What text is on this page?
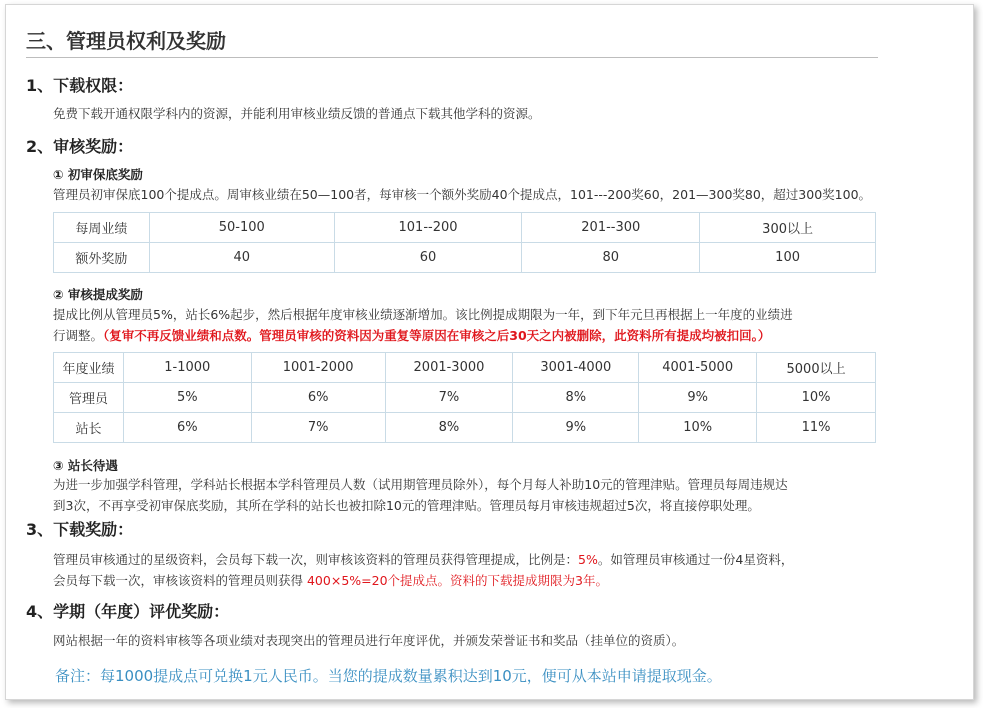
三、管理员权利及奖励
1、下载权限：
免费下载开通权限学科内的资源，并能利用审核业绩反馈的普通点下载其他学科的资源。
2、审核奖励：
① 初审保底奖励
管理员初审保底100个提成点。周审核业绩在50—100者，每审核一个额外奖励40个提成点，101---200奖60，201—300奖80，超过300奖100。
每周业绩	50-100	101--200	201--300	300以上
额外奖励	40	60	80	100
② 审核提成奖励
提成比例从管理员5%，站长6%起步，然后根据年度审核业绩逐渐增加。该比例提成期限为一年，到下年元旦再根据上一年度的业绩进
行调整。（复审不再反馈业绩和点数。管理员审核的资料因为重复等原因在审核之后30天之内被删除，此资料所有提成均被扣回。）
年度业绩	1-1000	1001-2000	2001-3000	3001-4000	4001-5000	5000以上
管理员	5%	6%	7%	8%	9%	10%
站长	6%	7%	8%	9%	10%	11%
③ 站长待遇
为进一步加强学科管理，学科站长根据本学科管理员人数（试用期管理员除外），每个月每人补助10元的管理津贴。管理员每周违规达
到3次，不再享受初审保底奖励，其所在学科的站长也被扣除10元的管理津贴。管理员每月审核违规超过5次，将直接停职处理。
3、下载奖励：
管理员审核通过的星级资料，会员每下载一次，则审核该资料的管理员获得管理提成，比例是：5%。如管理员审核通过一份4星资料，
会员每下载一次，审核该资料的管理员则获得 400×5%=20个提成点。资料的下载提成期限为3年。
4、学期（年度）评优奖励：
网站根据一年的资料审核等各项业绩对表现突出的管理员进行年度评优，并颁发荣誉证书和奖品（挂单位的资质）。
备注：每1000提成点可兑换1元人民币。当您的提成数量累积达到10元，便可从本站申请提取现金。
